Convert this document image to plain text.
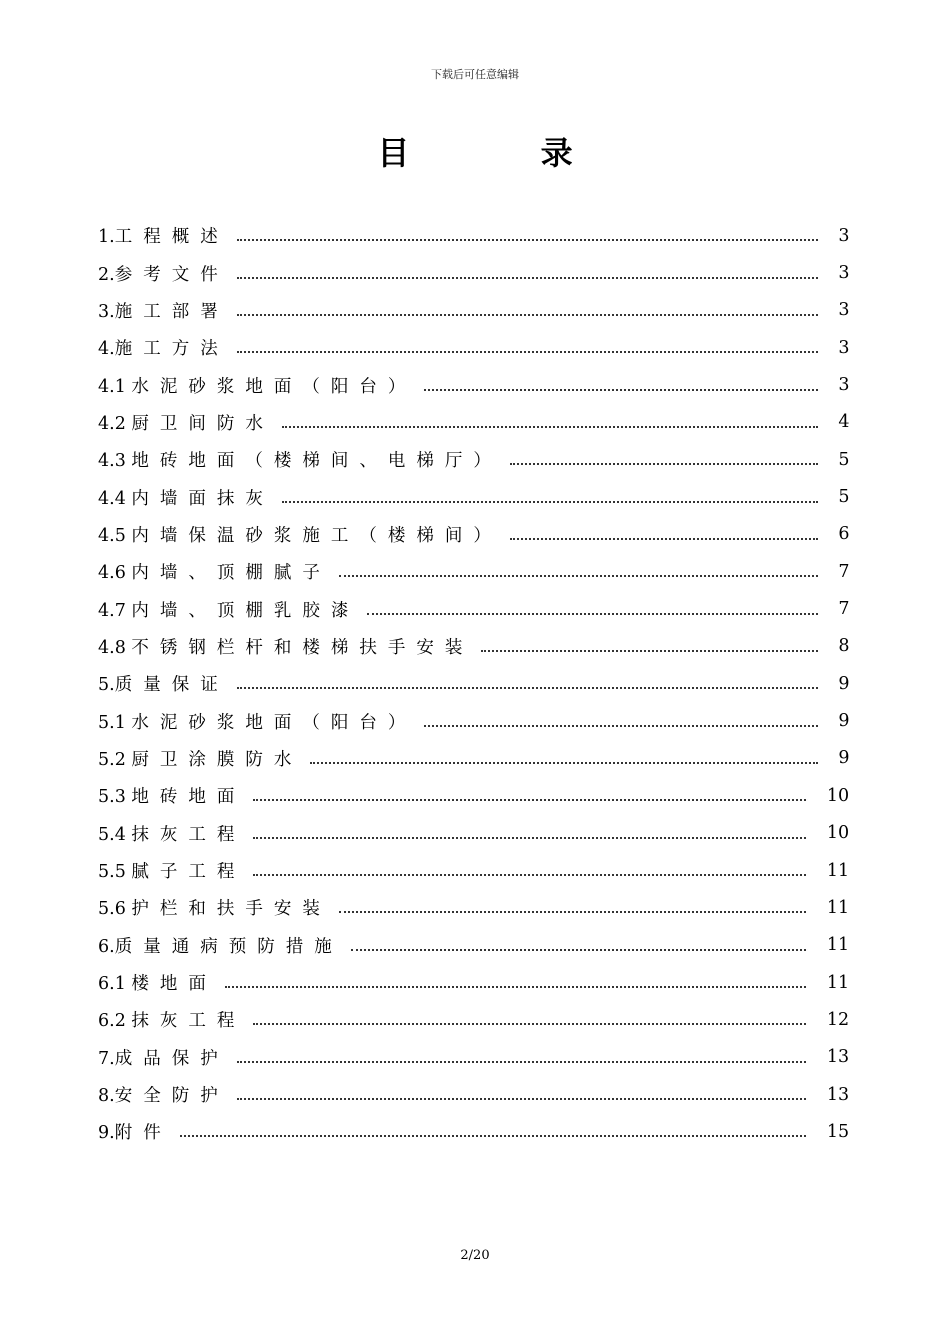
下载后可任意编辑
目 录
1.工程概述	3
2.参考文件	3
3.施工部署	3
4.施工方法	3
4.1 水泥砂浆地面（阳台）	3
4.2 厨卫间防水	4
4.3 地砖地面（楼梯间、电梯厅）	5
4.4 内墙面抹灰	5
4.5 内墙保温砂浆施工（楼梯间）	6
4.6 内墙、顶棚腻子	7
4.7 内墙、顶棚乳胶漆	7
4.8 不锈钢栏杆和楼梯扶手安装	8
5.质量保证	9
5.1 水泥砂浆地面（阳台）	9
5.2 厨卫涂膜防水	9
5.3 地砖地面	10
5.4 抹灰工程	10
5.5 腻子工程	11
5.6 护栏和扶手安装	11
6.质量通病预防措施	11
6.1 楼地面	11
6.2 抹灰工程	12
7.成品保护	13
8.安全防护	13
9.附件	15
2/20
